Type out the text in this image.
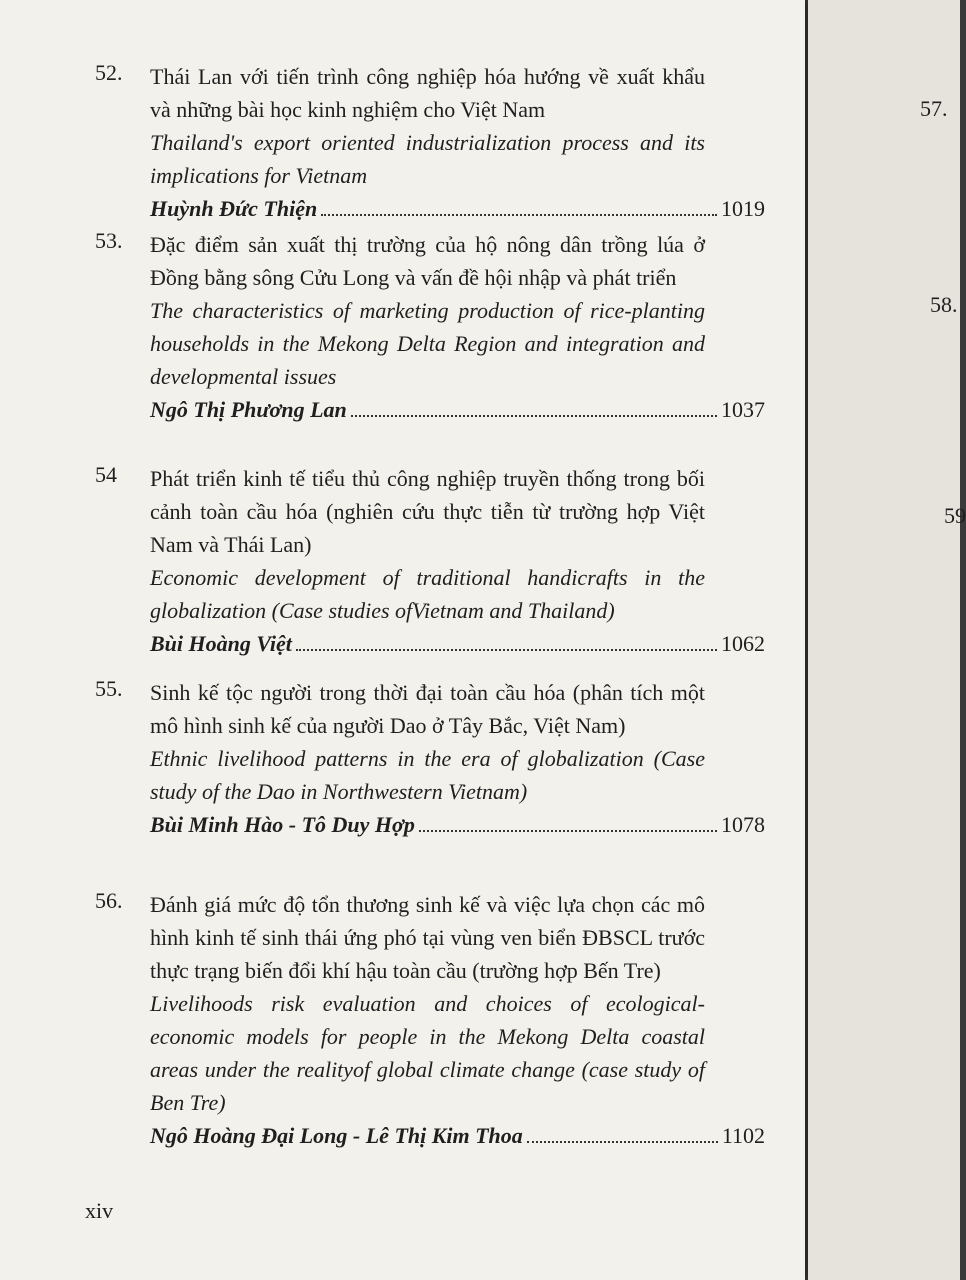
52. Thái Lan với tiến trình công nghiệp hóa hướng về xuất khẩu và những bài học kinh nghiệm cho Việt Nam
Thailand's export oriented industrialization process and its implications for Vietnam
Huỳnh Đức Thiện	1019
53. Đặc điểm sản xuất thị trường của hộ nông dân trồng lúa ở Đồng bằng sông Cửu Long và vấn đề hội nhập và phát triển
The characteristics of marketing production of rice-planting households in the Mekong Delta Region and integration and developmental issues
Ngô Thị Phương Lan	1037
54 Phát triển kinh tế tiểu thủ công nghiệp truyền thống trong bối cảnh toàn cầu hóa (nghiên cứu thực tiễn từ trường hợp Việt Nam và Thái Lan)
Economic development of traditional handicrafts in the globalization (Case studies ofVietnam and Thailand)
Bùi Hoàng Việt	1062
55. Sinh kế tộc người trong thời đại toàn cầu hóa (phân tích một mô hình sinh kế của người Dao ở Tây Bắc, Việt Nam)
Ethnic livelihood patterns in the era of globalization (Case study of the Dao in Northwestern Vietnam)
Bùi Minh Hào - Tô Duy Hợp	1078
56. Đánh giá mức độ tổn thương sinh kế và việc lựa chọn các mô hình kinh tế sinh thái ứng phó tại vùng ven biển ĐBSCL trước thực trạng biến đổi khí hậu toàn cầu (trường hợp Bến Tre)
Livelihoods risk evaluation and choices of ecological-economic models for people in the Mekong Delta coastal areas under the realityof global climate change (case study of Ben Tre)
Ngô Hoàng Đại Long - Lê Thị Kim Thoa	1102
xiv
57.
58.
59
